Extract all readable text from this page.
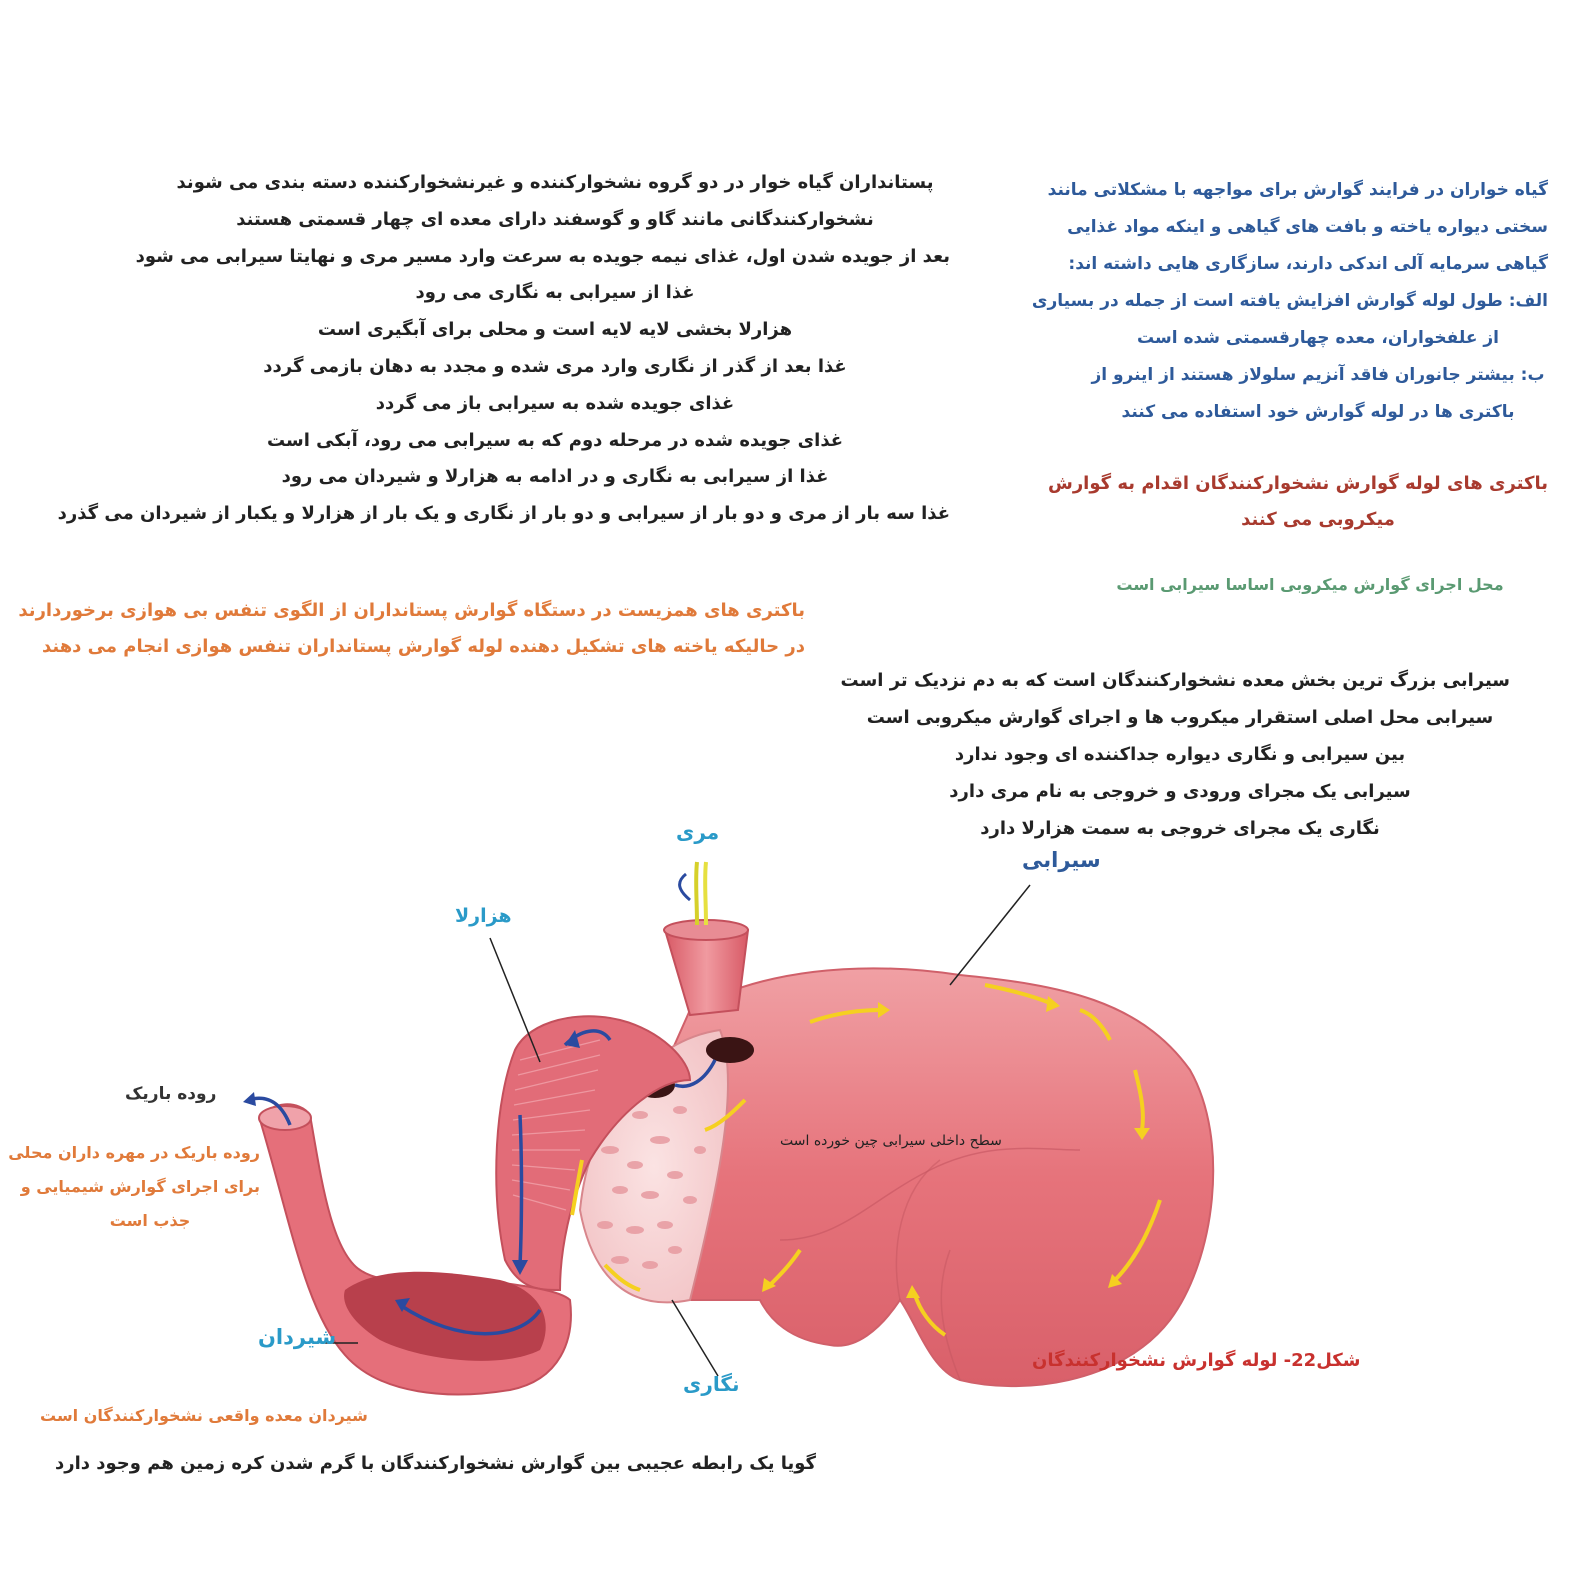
گیاه خواران در فرایند گوارش برای مواجهه با مشکلاتی مانند
سختی دیواره یاخته و بافت های گیاهی و اینکه مواد غذایی
گیاهی سرمایه آلی اندکی دارند، سازگاری هایی داشته اند:
الف: طول لوله گوارش افزایش یافته است از جمله در بسیاری
از علفخواران، معده چهارقسمتی شده است
ب: بیشتر جانوران فاقد آنزیم سلولاز هستند از اینرو از
باکتری ها در لوله گوارش خود استفاده می کنند
باکتری های لوله گوارش نشخوارکنندگان اقدام به گوارش
میکروبی می کنند
محل اجرای گوارش میکروبی اساسا سیرابی است
پستانداران گیاه خوار در دو گروه نشخوارکننده و غیرنشخوارکننده دسته بندی می شوند
نشخوارکنندگانی مانند گاو و گوسفند دارای معده ای چهار قسمتی هستند
بعد از جویده شدن اول، غذای نیمه جویده به سرعت وارد مسیر مری و نهایتا سیرابی می شود
غذا از سیرابی به نگاری می رود
هزارلا بخشی لایه لایه است و محلی برای آبگیری است
غذا بعد از گذر از نگاری وارد مری شده و مجدد به دهان بازمی گردد
غذای جویده شده به سیرابی باز می گردد
غذای جویده شده در مرحله دوم که به سیرابی می رود، آبکی است
غذا از سیرابی به نگاری و در ادامه به هزارلا و شیردان می رود
غذا سه بار از مری و دو بار از سیرابی و دو بار از نگاری و یک بار از هزارلا و یکبار از شیردان می گذرد
باکتری های همزیست در دستگاه گوارش پستانداران از الگوی تنفس بی هوازی برخوردارند
در حالیکه یاخته های تشکیل دهنده لوله گوارش پستانداران تنفس هوازی انجام می دهند
سیرابی بزرگ ترین بخش معده نشخوارکنندگان است که به دم نزدیک تر است
سیرابی محل اصلی استقرار میکروب ها و اجرای گوارش میکروبی است
بین سیرابی و نگاری دیواره جداکننده ای وجود ندارد
سیرابی یک مجرای ورودی و خروجی به نام مری دارد
نگاری یک مجرای خروجی به سمت هزارلا دارد
مری
سیرابی
هزارلا
روده باریک
شیردان
نگاری
سطح داخلی سیرابی چین خورده است
شکل22- لوله گوارش نشخوارکنندگان
روده باریک در مهره داران محلی
برای اجرای گوارش شیمیایی و
جذب است
شیردان معده واقعی نشخوارکنندگان است
گویا یک رابطه عجیبی بین گوارش نشخوارکنندگان با گرم شدن کره زمین هم وجود دارد
